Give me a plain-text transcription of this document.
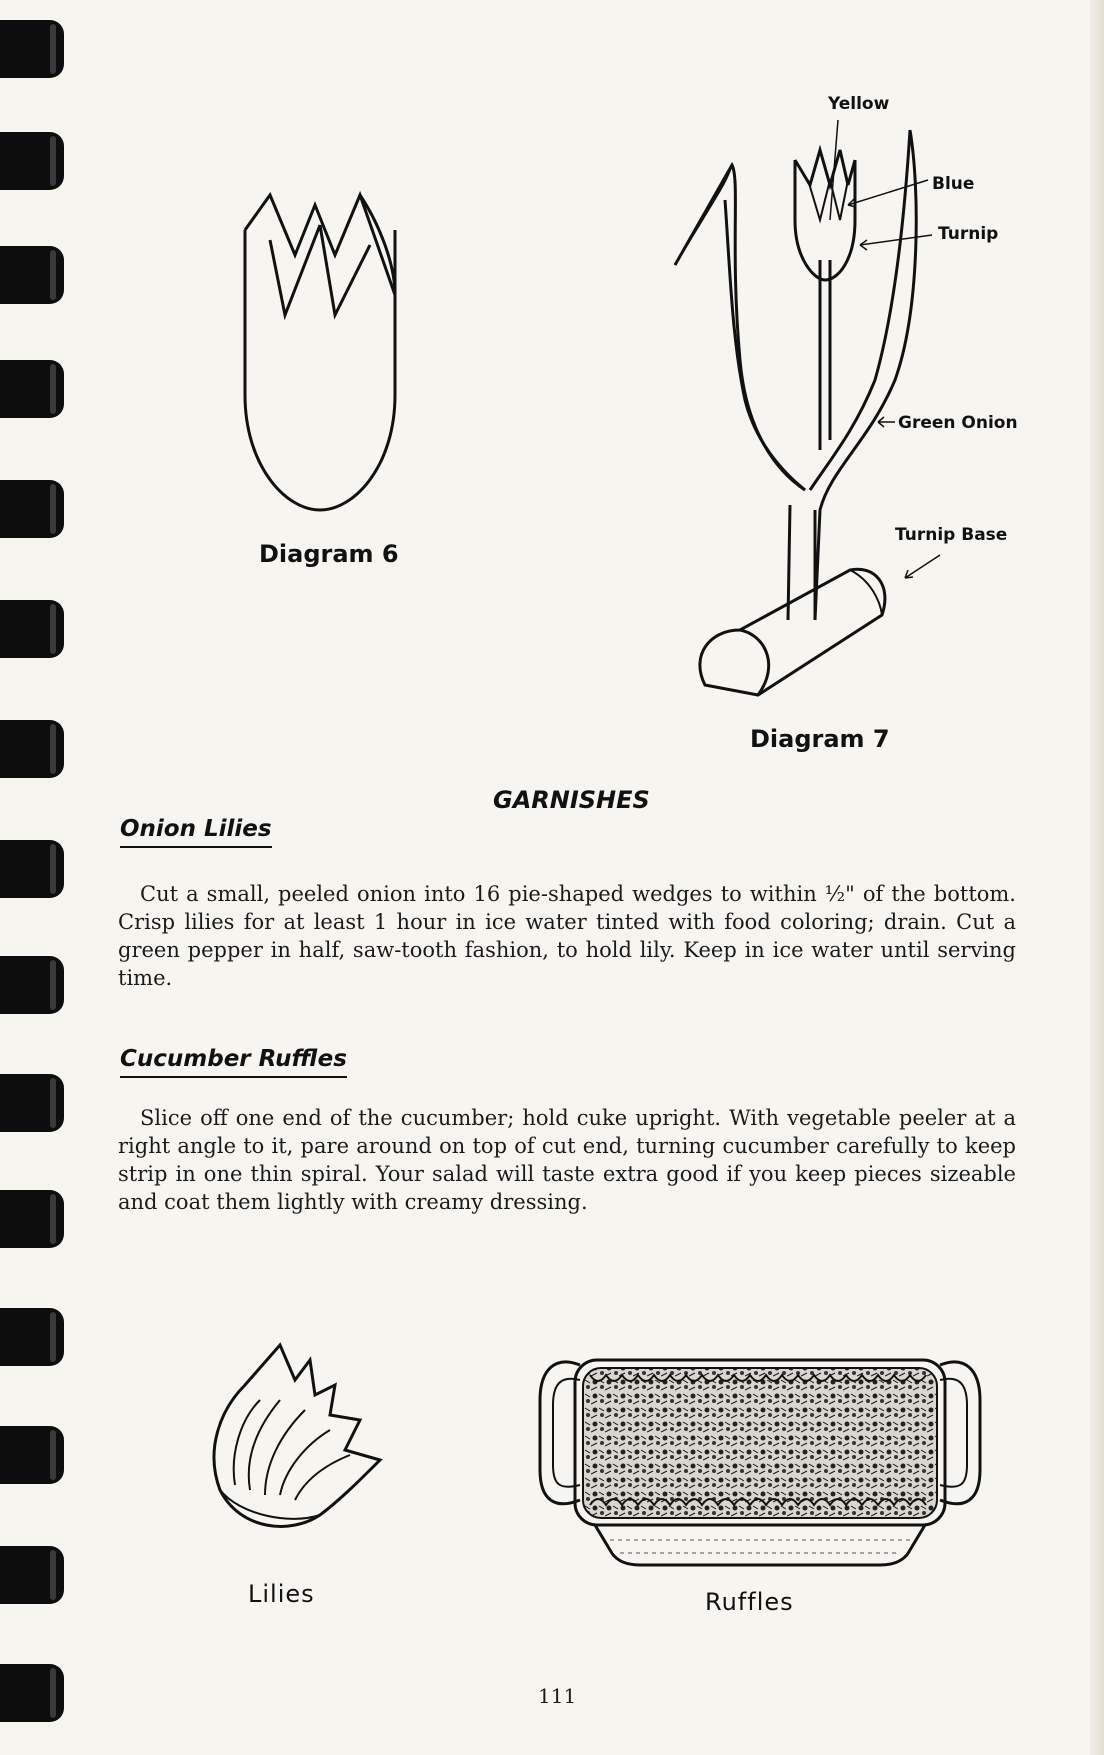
Diagram 6
Yellow
Blue
Turnip
Green Onion
Turnip Base
Diagram 7
GARNISHES
Onion Lilies

Cut a small, peeled onion into 16 pie-shaped wedges to within ½" of the bottom. Crisp lilies for at least 1 hour in ice water tinted with food coloring; drain. Cut a green pepper in half, saw-tooth fashion, to hold lily. Keep in ice water until serving time.

Cucumber Ruffles

Slice off one end of the cucumber; hold cuke upright. With vegetable peeler at a right angle to it, pare around on top of cut end, turning cucumber carefully to keep strip in one thin spiral. Your salad will taste extra good if you keep pieces sizeable and coat them lightly with creamy dressing.

Lilies	Ruffles
111
